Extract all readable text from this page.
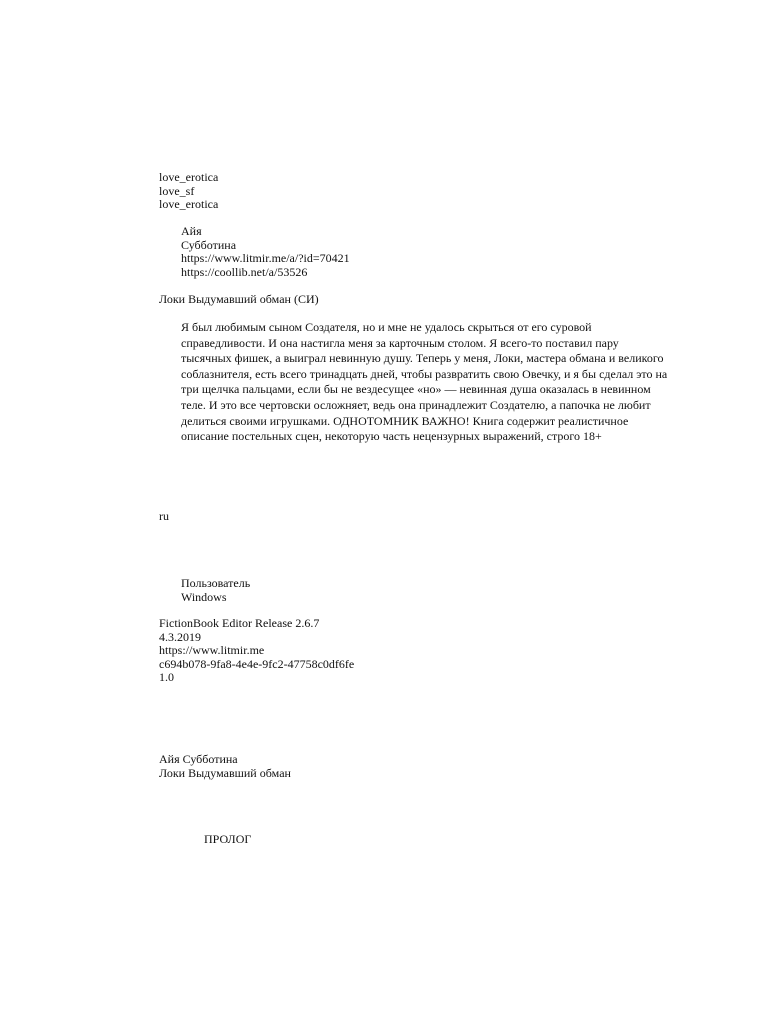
love_erotica
love_sf
love_erotica
Айя
Субботина
https://www.litmir.me/a/?id=70421
https://coollib.net/a/53526
Локи Выдумавший обман (СИ)
Я был любимым сыном Создателя, но и мне не удалось скрыться от его суровой справедливости. И она настигла меня за карточным столом. Я всего-то поставил пару тысячных фишек, а выиграл невинную душу. Теперь у меня, Локи, мастера обмана и великого соблазнителя, есть всего тринадцать дней, чтобы развратить свою Овечку, и я бы сделал это на три щелчка пальцами, если бы не вездесущее «но» — невинная душа оказалась в невинном теле. И это все чертовски осложняет, ведь она принадлежит Создателю, а папочка не любит делиться своими игрушками. ОДНОТОМНИК ВАЖНО! Книга содержит реалистичное описание постельных сцен, некоторую часть нецензурных выражений, строго 18+
ru
Пользователь
Windows
FictionBook Editor Release 2.6.7
4.3.2019
https://www.litmir.me
c694b078-9fa8-4e4e-9fc2-47758c0df6fe
1.0
Айя Субботина
Локи Выдумавший обман
ПРОЛОГ
